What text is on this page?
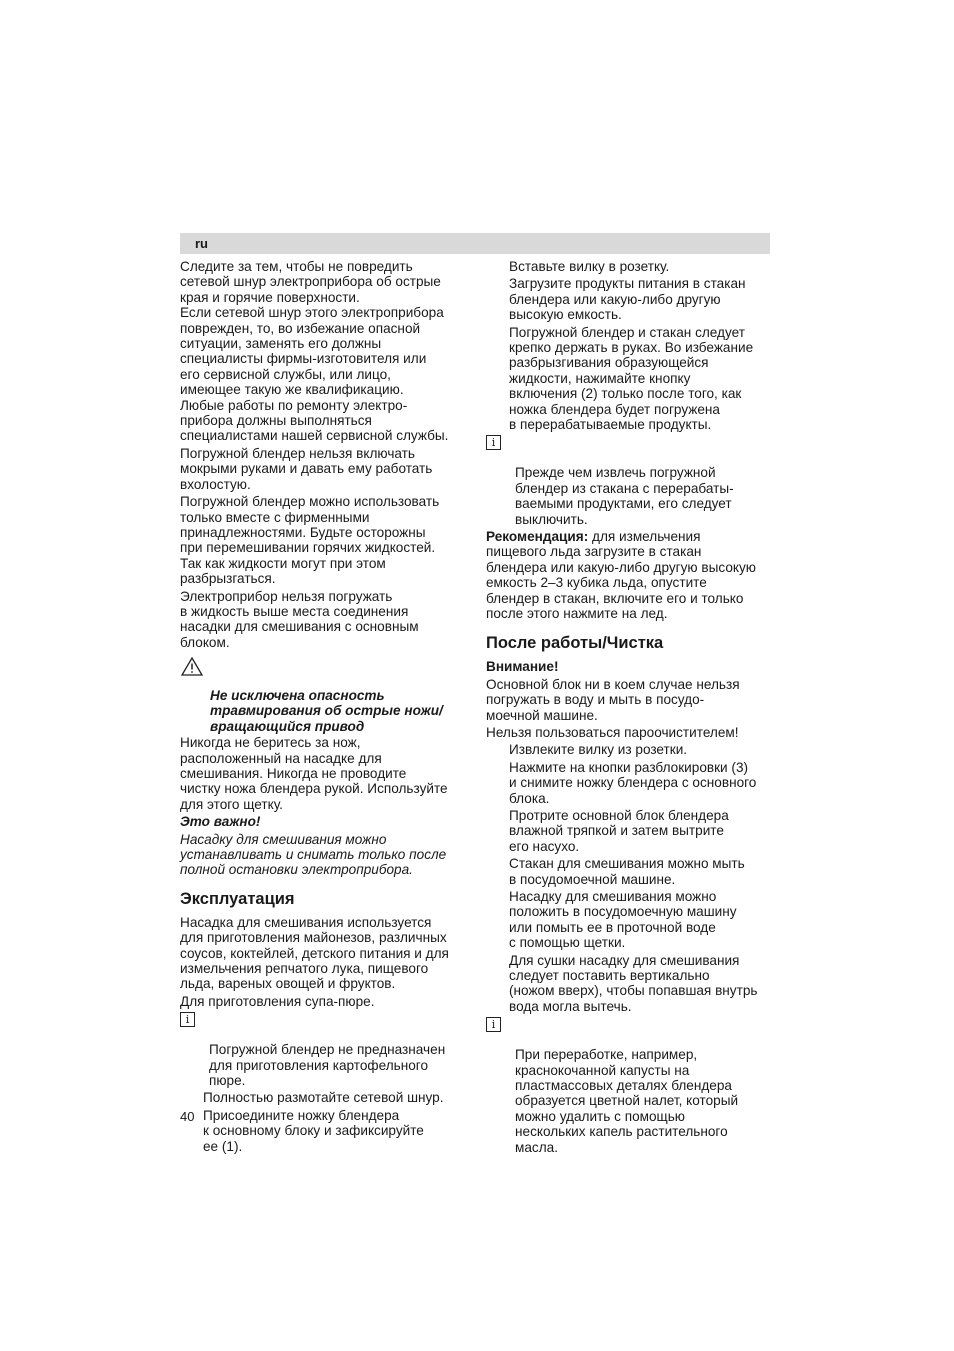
ru

Следите за тем, чтобы не повредить
сетевой шнур электроприбора об острые
края и горячие поверхности.
Если сетевой шнур этого электроприбора
поврежден, то, во избежание опасной
ситуации, заменять его должны
специалисты фирмы-изготовителя или
его сервисной службы, или лицо,
имеющее такую же квалификацию.
Любые работы по ремонту электро-
прибора должны выполняться
специалистами нашей сервисной службы.

Погружной блендер нельзя включать
мокрыми руками и давать ему работать
вхолостую.

Погружной блендер можно использовать
только вместе с фирменными
принадлежностями. Будьте осторожны
при перемешивании горячих жидкостей.
Так как жидкости могут при этом
разбрызгаться.

Электроприбор нельзя погружать
в жидкость выше места соединения
насадки для смешивания с основным
блоком.

Не исключена опасность
травмирования об острые ножи/
вращающийся привод

Никогда не беритесь за нож,
расположенный на насадке для
смешивания. Никогда не проводите
чистку ножа блендера рукой. Используйте
для этого щетку.

Это важно!

Насадку для смешивания можно
устанавливать и снимать только после
полной остановки электроприбора.

Эксплуатация

Насадка для смешивания используется
для приготовления майонезов, различных
соусов, коктейлей, детского питания и для
измельчения репчатого лука, пищевого
льда, вареных овощей и фруктов.

Для приготовления супа-пюре.

i

Погружной блендер не предназначен
для приготовления картофельного
пюре.

Полностью размотайте сетевой шнур.

Присоедините ножку блендера
к основному блоку и зафиксируйте
ее (1).

Вставьте вилку в розетку.

Загрузите продукты питания в стакан
блендера или какую-либо другую
высокую емкость.

Погружной блендер и стакан следует
крепко держать в руках. Во избежание
разбрызгивания образующейся
жидкости, нажимайте кнопку
включения (2) только после того, как
ножка блендера будет погружена
в перерабатываемые продукты.

i

Прежде чем извлечь погружной
блендер из стакана с перерабаты-
ваемыми продуктами, его следует
выключить.

Рекомендация: для измельчения
пищевого льда загрузите в стакан
блендера или какую-либо другую высокую
емкость 2–3 кубика льда, опустите
блендер в стакан, включите его и только
после этого нажмите на лед.

После работы/Чистка

Внимание!

Основной блок ни в коем случае нельзя
погружать в воду и мыть в посудо-
моечной машине.

Нельзя пользоваться пароочистителем!

Извлеките вилку из розетки.

Нажмите на кнопки разблокировки (3)
и снимите ножку блендера с основного
блока.

Протрите основной блок блендера
влажной тряпкой и затем вытрите
его насухо.

Стакан для смешивания можно мыть
в посудомоечной машине.

Насадку для смешивания можно
положить в посудомоечную машину
или помыть ее в проточной воде
с помощью щетки.

Для сушки насадку для смешивания
следует поставить вертикально
(ножом вверх), чтобы попавшая внутрь
вода могла вытечь.

i

При переработке, например,
краснокочанной капусты на
пластмассовых деталях блендера
образуется цветной налет, который
можно удалить с помощью
нескольких капель растительного
масла.

40
